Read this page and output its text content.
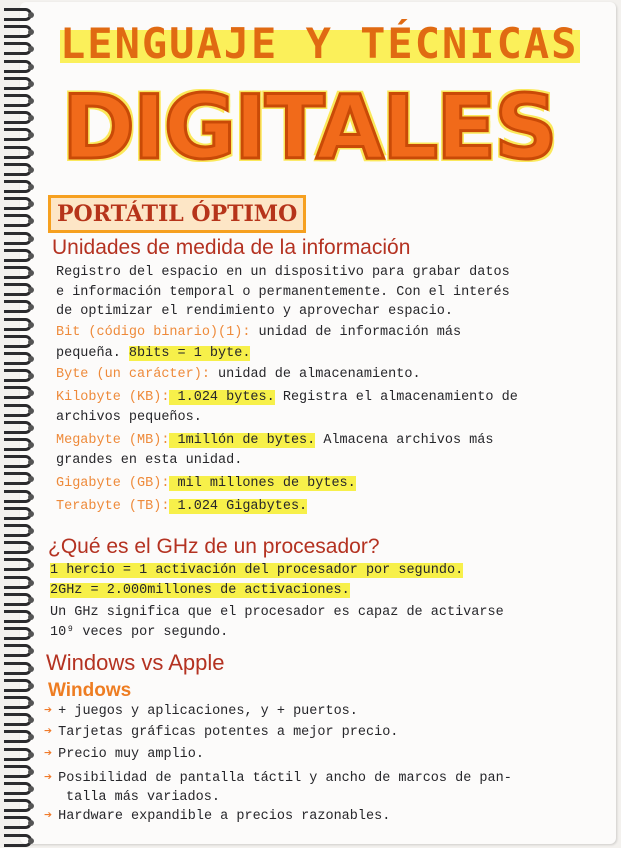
LENGUAJE Y TÉCNICAS
DIGITALES
PORTÁTIL ÓPTIMO
Unidades de medida de la información
Registro del espacio en un dispositivo para grabar datos
e información temporal o permanentemente. Con el interés
de optimizar el rendimiento y aprovechar espacio.
Bit (código binario)(1): unidad de información más
pequeña. 8bits = 1 byte.
Byte (un carácter): unidad de almacenamiento.
Kilobyte (KB): 1.024 bytes. Registra el almacenamiento de
archivos pequeños.
Megabyte (MB): 1millón de bytes. Almacena archivos más
grandes en esta unidad.
Gigabyte (GB): mil millones de bytes.
Terabyte (TB): 1.024 Gigabytes.
¿Qué es el GHz de un procesador?
1 hercio = 1 activación del procesador por segundo.
2GHz = 2.000millones de activaciones.
Un GHz significa que el procesador es capaz de activarse
10⁹ veces por segundo.
Windows vs Apple
Windows
➔ + juegos y aplicaciones, y + puertos.
➔ Tarjetas gráficas potentes a mejor precio.
➔ Precio muy amplio.
➔ Posibilidad de pantalla táctil y ancho de marcos de pan-
talla más variados.
➔ Hardware expandible a precios razonables.
